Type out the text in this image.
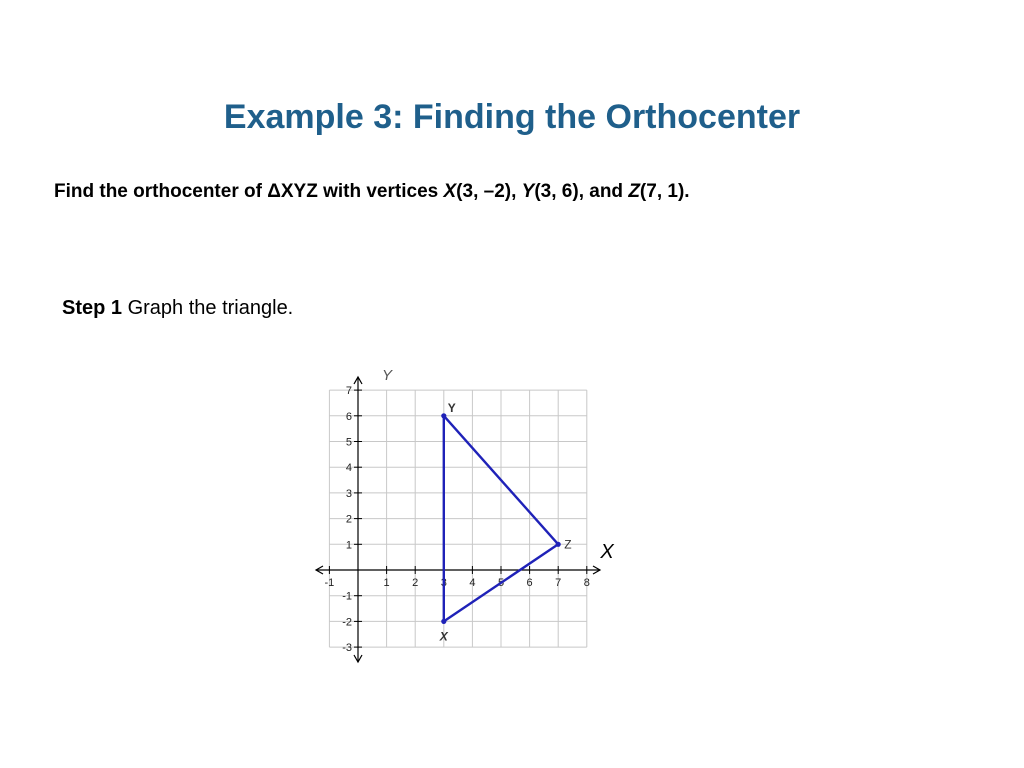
Example 3: Finding the Orthocenter
Find the orthocenter of ΔXYZ with vertices X(3, –2), Y(3, 6), and Z(7, 1).
Step 1 Graph the triangle.
-1	1 2 3 4 5 6 7 8
7
6
5
4
3
2
1
-1
-2
-3
Y
Z
X
Y
X
